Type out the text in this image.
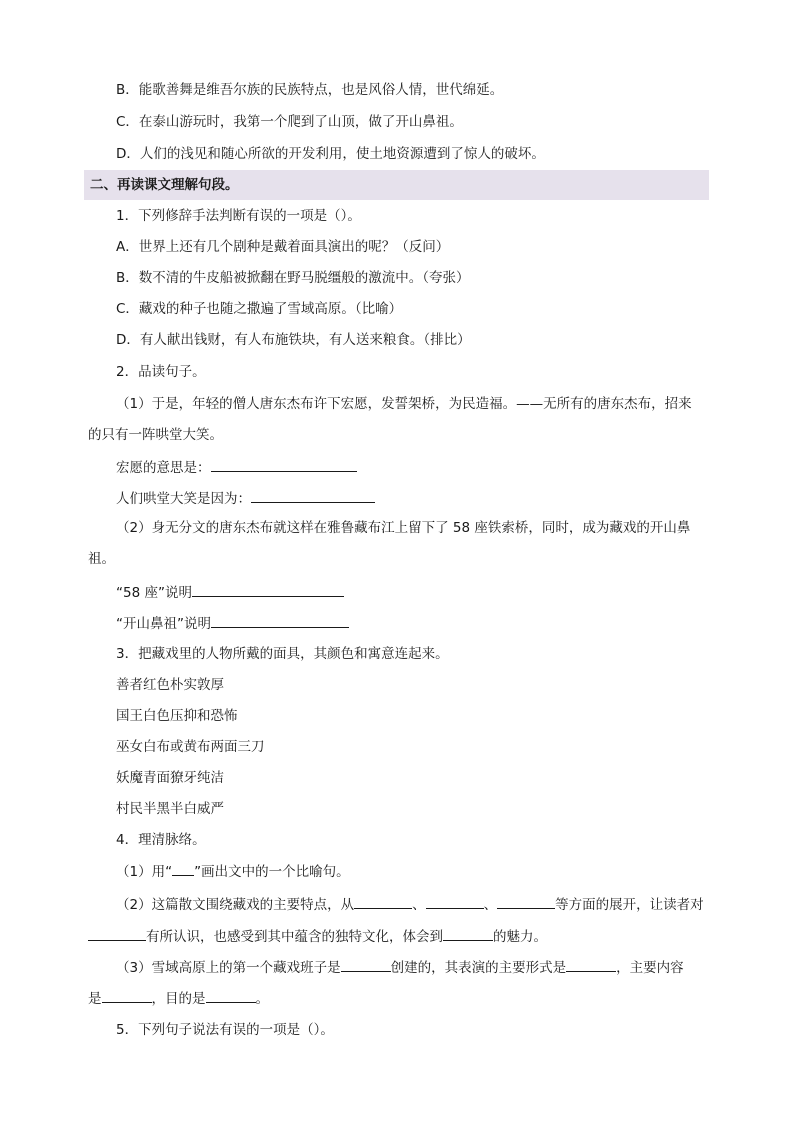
B．能歌善舞是维吾尔族的民族特点，也是风俗人情，世代绵延。
C．在泰山游玩时，我第一个爬到了山顶，做了开山鼻祖。
D．人们的浅见和随心所欲的开发利用，使土地资源遭到了惊人的破坏。
二、再读课文理解句段。
1．下列修辞手法判断有误的一项是（）。
A．世界上还有几个剧种是戴着面具演出的呢？（反问）
B．数不清的牛皮船被掀翻在野马脱缰般的激流中。（夸张）
C．藏戏的种子也随之撒遍了雪域高原。（比喻）
D．有人献出钱财，有人布施铁块，有人送来粮食。（排比）
2．品读句子。
（1）于是，年轻的僧人唐东杰布许下宏愿，发誓架桥，为民造福。——无所有的唐东杰布，招来
的只有一阵哄堂大笑。
宏愿的意思是：
人们哄堂大笑是因为：
（2）身无分文的唐东杰布就这样在雅鲁藏布江上留下了 58 座铁索桥，同时，成为藏戏的开山鼻
祖。
“58 座”说明
“开山鼻祖”说明
3．把藏戏里的人物所戴的面具，其颜色和寓意连起来。
善者红色朴实敦厚
国王白色压抑和恐怖
巫女白布或黄布两面三刀
妖魔青面獠牙纯洁
村民半黑半白威严
4．理清脉络。
（1）用“ ”画出文中的一个比喻句。
（2）这篇散文围绕藏戏的主要特点，从	、	、	等方面的展开，让读者对
有所认识，也感受到其中蕴含的独特文化，体会到	的魅力。
（3）雪域高原上的第一个藏戏班子是	创建的，其表演的主要形式是	，主要内容
是	，目的是	。
5．下列句子说法有误的一项是（）。
